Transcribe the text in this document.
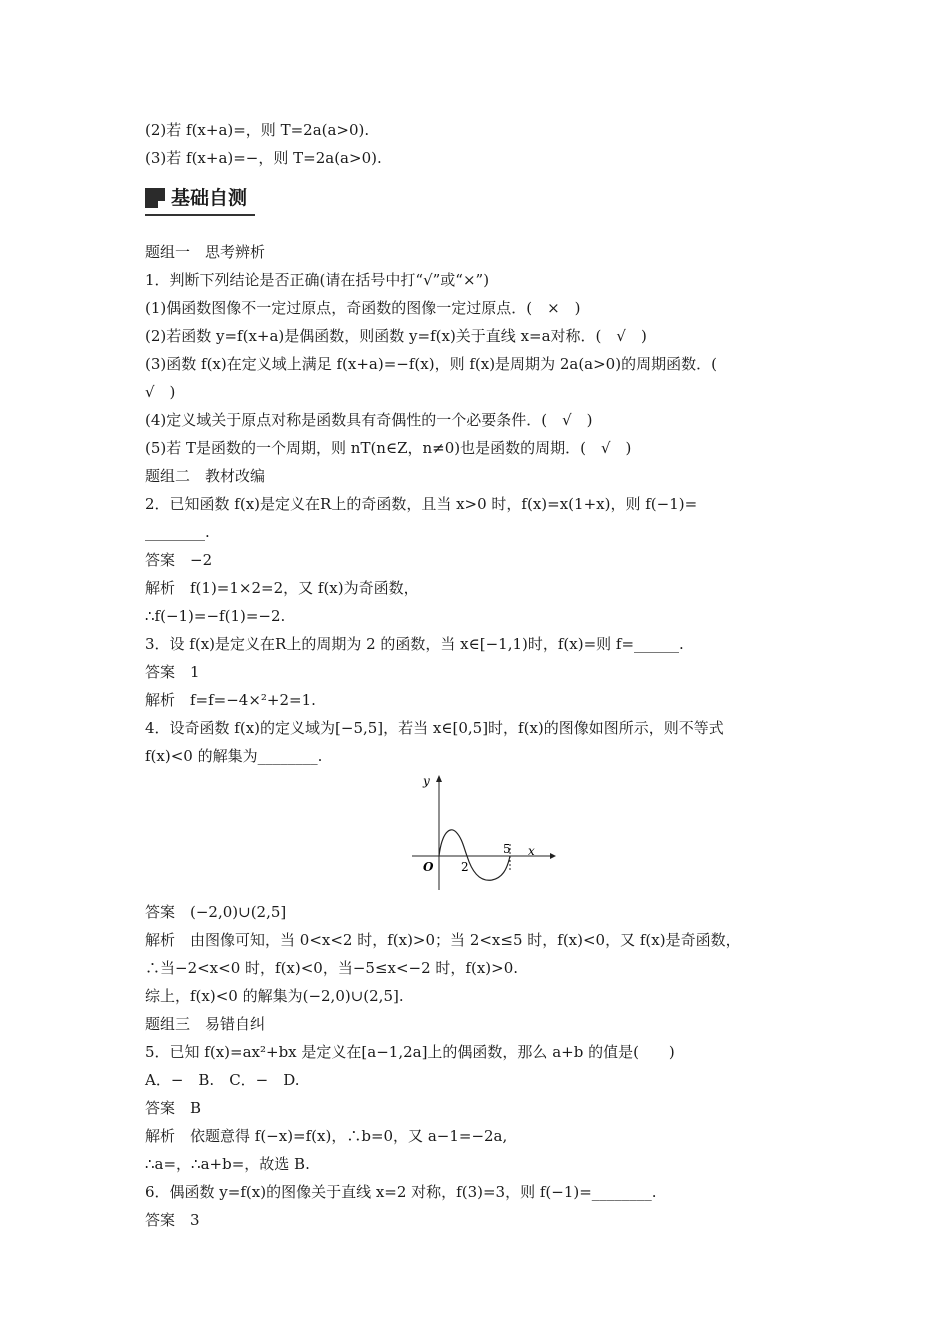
(2)若 f(x+a)=，则 T=2a(a>0).
(3)若 f(x+a)=−，则 T=2a(a>0).
基础自测
题组一　思考辨析
1．判断下列结论是否正确(请在括号中打“√”或“×”)
(1)偶函数图像不一定过原点，奇函数的图像一定过原点．(　×　)
(2)若函数 y=f(x+a)是偶函数，则函数 y=f(x)关于直线 x=a对称．(　√　)
(3)函数 f(x)在定义域上满足 f(x+a)=−f(x)，则 f(x)是周期为 2a(a>0)的周期函数．(
√　)
(4)定义域关于原点对称是函数具有奇偶性的一个必要条件．(　√　)
(5)若 T是函数的一个周期，则 nT(n∈Z，n≠0)也是函数的周期．(　√　)
题组二　教材改编
2．已知函数 f(x)是定义在R上的奇函数，且当 x>0 时，f(x)=x(1+x)，则 f(−1)=
________.
答案　−2
解析　f(1)=1×2=2，又 f(x)为奇函数，
∴f(−1)=−f(1)=−2.
3．设 f(x)是定义在R上的周期为 2 的函数，当 x∈[−1,1)时，f(x)=则 f=______.
答案　1
解析　f=f=−4×²+2=1.
4．设奇函数 f(x)的定义域为[−5,5]，若当 x∈[0,5]时，f(x)的图像如图所示，则不等式
f(x)<0 的解集为________.
y
x
O 2
5
答案　(−2,0)∪(2,5]
解析　由图像可知，当 0<x<2 时，f(x)>0；当 2<x≤5 时，f(x)<0，又 f(x)是奇函数，
∴当−2<x<0 时，f(x)<0，当−5≤x<−2 时，f(x)>0.
综上，f(x)<0 的解集为(−2,0)∪(2,5].
题组三　易错自纠
5．已知 f(x)=ax²+bx 是定义在[a−1,2a]上的偶函数，那么 a+b 的值是(　　)
A．−　B.　C．−　D.
答案　B
解析　依题意得 f(−x)=f(x)，∴b=0，又 a−1=−2a,
∴a=，∴a+b=，故选 B.
6．偶函数 y=f(x)的图像关于直线 x=2 对称，f(3)=3，则 f(−1)=________.
答案　3
